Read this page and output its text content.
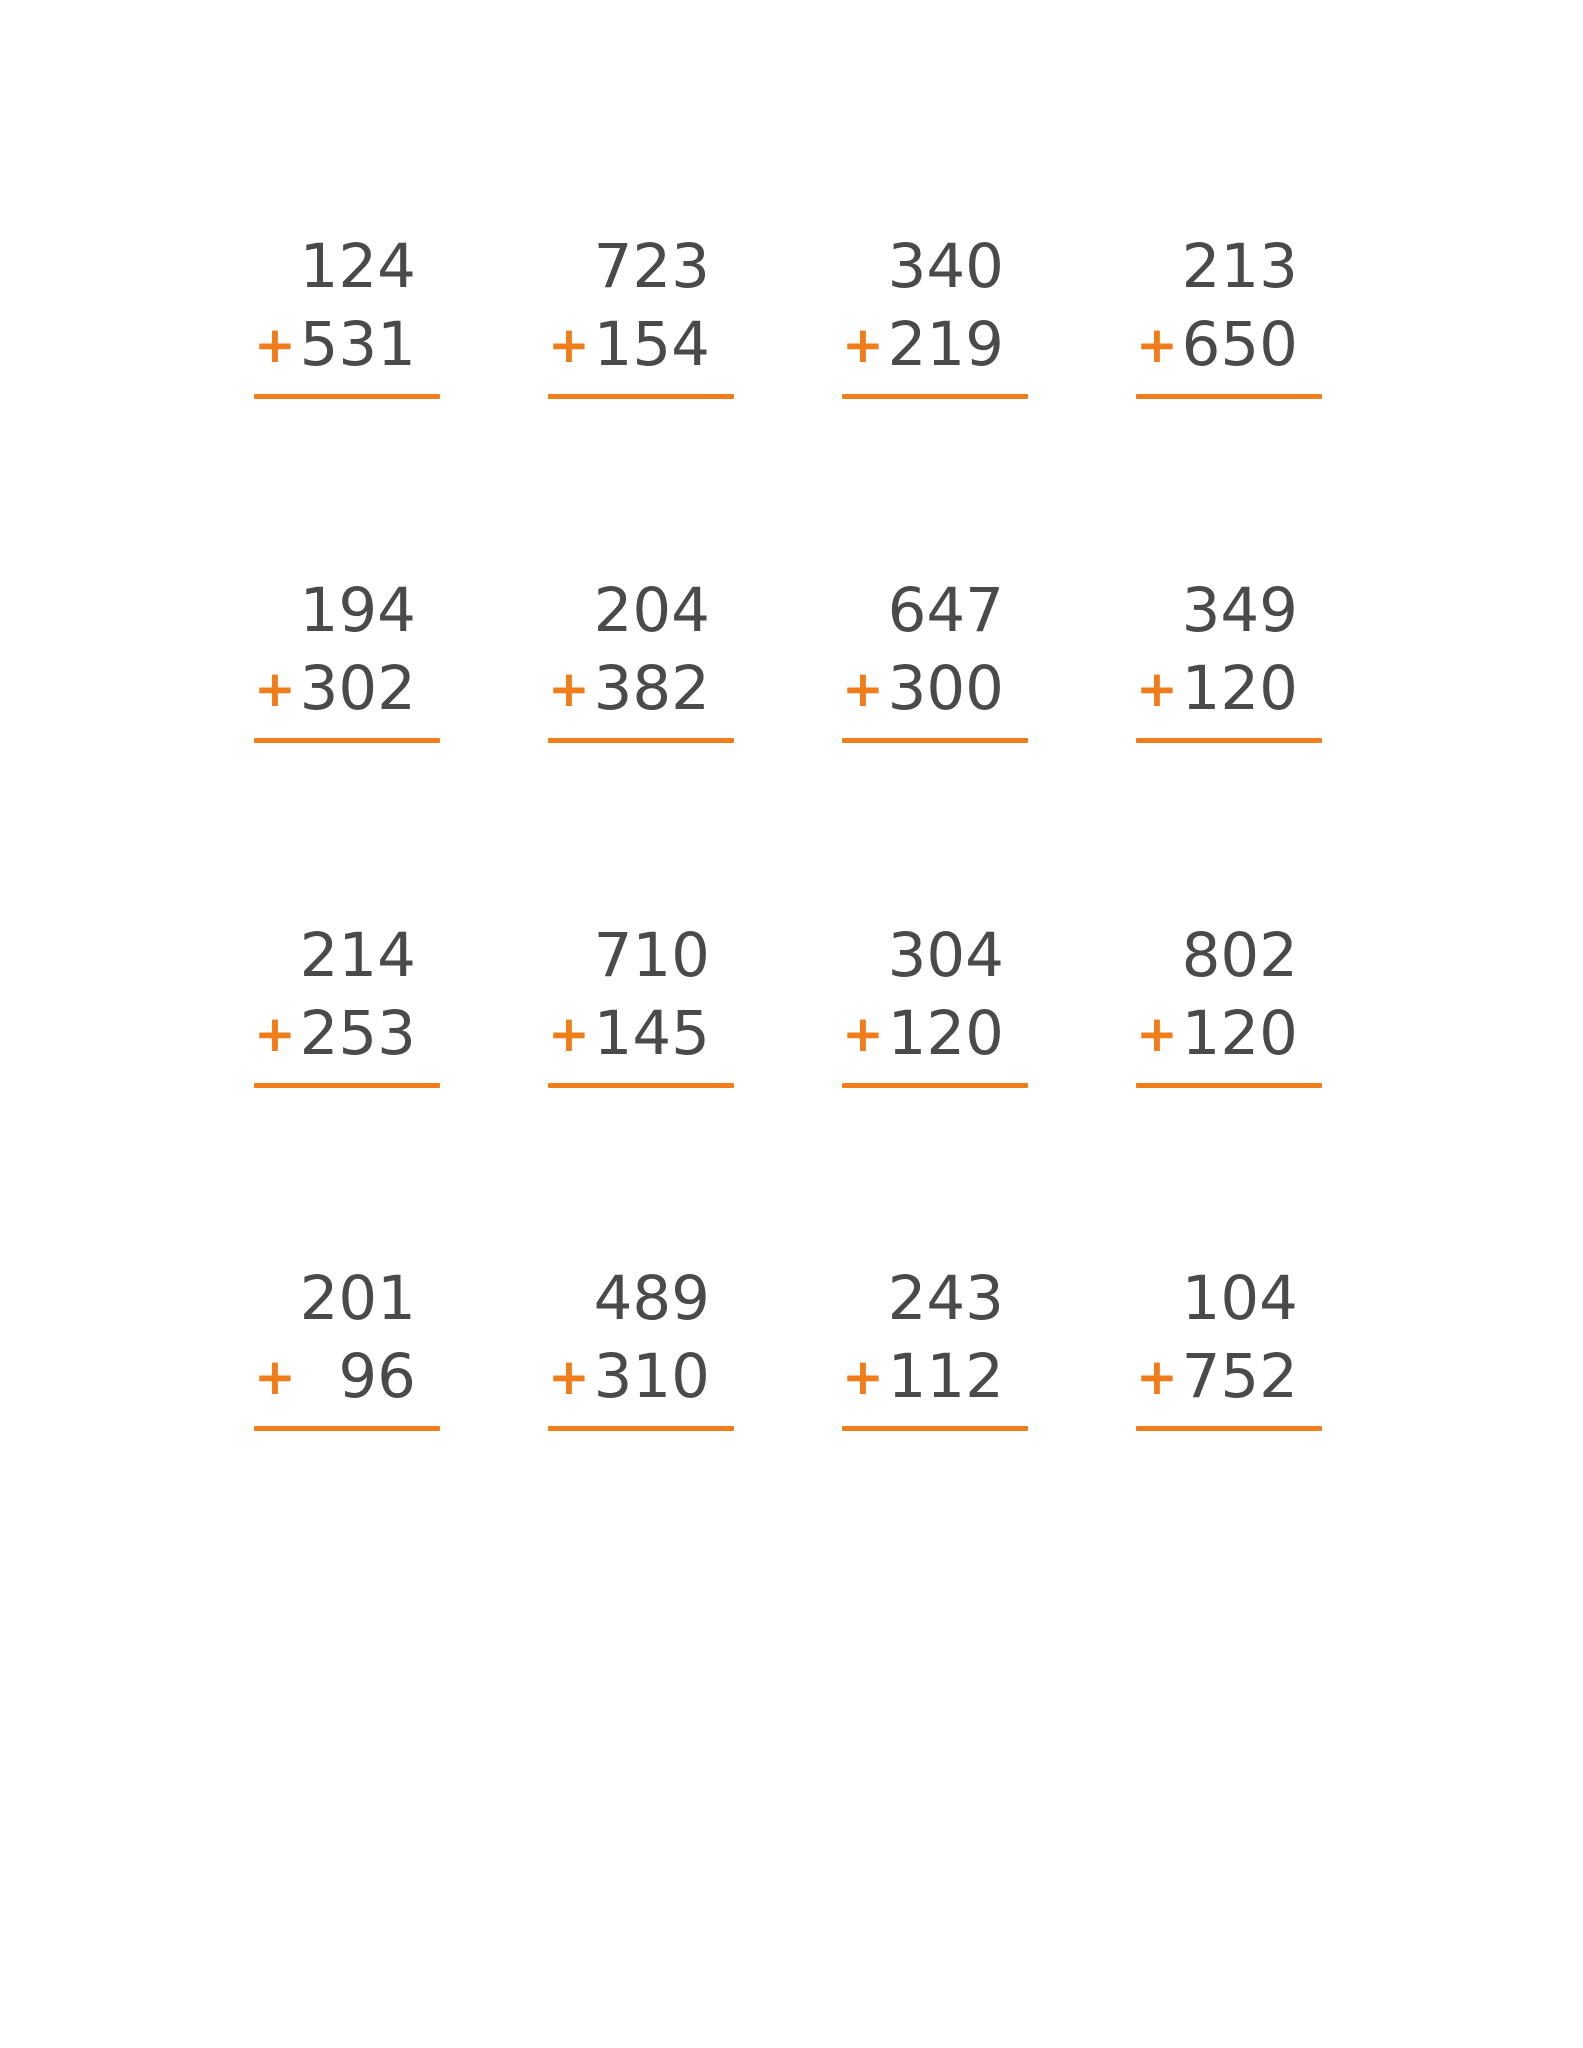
124
+ 531
723
+ 154
340
+ 219
213
+ 650
194
+ 302
204
+ 382
647
+ 300
349
+ 120
214
+ 253
710
+ 145
304
+ 120
802
+ 120
201
+ 96
489
+ 310
243
+ 112
104
+ 752
